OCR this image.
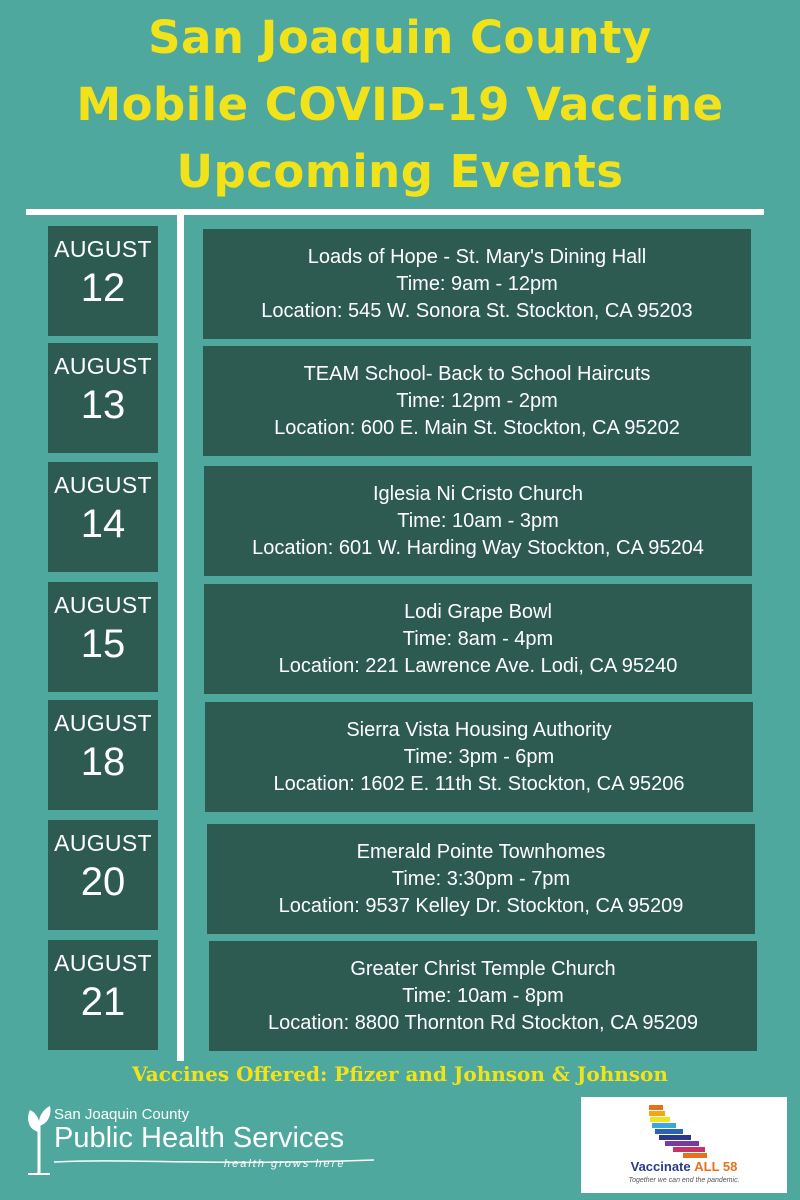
San Joaquin County
Mobile COVID-19 Vaccine
Upcoming Events
AUGUST
12
Loads of Hope - St. Mary's Dining Hall
Time: 9am - 12pm
Location: 545 W. Sonora St. Stockton, CA 95203
AUGUST
13
TEAM School- Back to School Haircuts
Time: 12pm - 2pm
Location: 600 E. Main St. Stockton, CA 95202
AUGUST
14
Iglesia Ni Cristo Church
Time: 10am - 3pm
Location: 601 W. Harding Way Stockton, CA 95204
AUGUST
15
Lodi Grape Bowl
Time: 8am - 4pm
Location: 221 Lawrence Ave. Lodi, CA 95240
AUGUST
18
Sierra Vista Housing Authority
Time: 3pm - 6pm
Location: 1602 E. 11th St. Stockton, CA 95206
AUGUST
20
Emerald Pointe Townhomes
Time: 3:30pm - 7pm
Location: 9537 Kelley Dr. Stockton, CA 95209
AUGUST
21
Greater Christ Temple Church
Time: 10am - 8pm
Location: 8800 Thornton Rd Stockton, CA 95209
Vaccines Offered: Pfizer and Johnson & Johnson
San Joaquin County
Public Health Services
health grows here	Vaccinate ALL 58
Together we can end the pandemic.
